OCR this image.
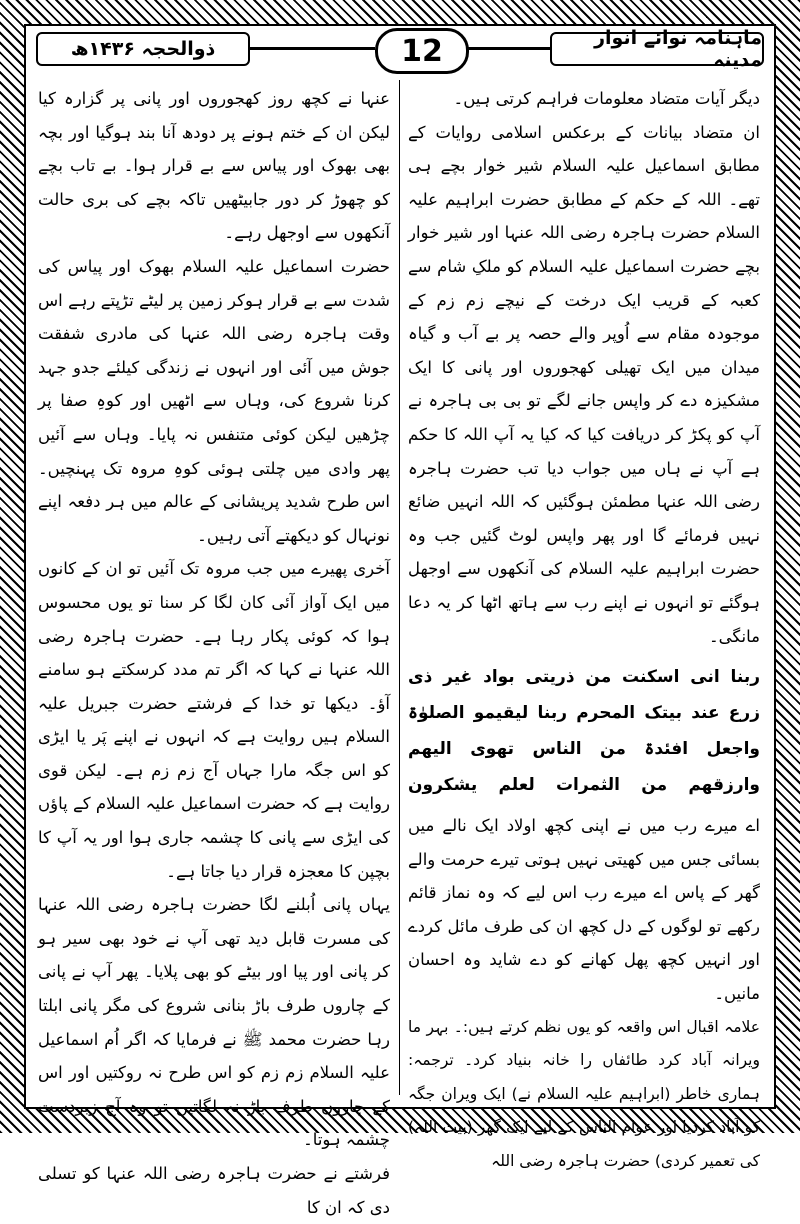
ماہنامہ نوائے انوار مدینہ
12
ذوالحجہ ۱۴۳۶ھ

دیگر آیات متضاد معلومات فراہم کرتی ہیں۔

ان متضاد بیانات کے برعکس اسلامی روایات کے مطابق اسماعیل علیہ السلام شیر خوار بچے ہی تھے۔ اللہ کے حکم کے مطابق حضرت ابراہیم علیہ السلام حضرت ہاجرہ رضی اللہ عنہا اور شیر خوار بچے حضرت اسماعیل علیہ السلام کو ملکِ شام سے کعبہ کے قریب ایک درخت کے نیچے زم زم کے موجودہ مقام سے اُوپر والے حصہ پر بے آب و گیاہ میدان میں ایک تھیلی کھجوروں اور پانی کا ایک مشکیزہ دے کر واپس جانے لگے تو بی بی ہاجرہ نے آپ کو پکڑ کر دریافت کیا کہ کیا یہ آپ اللہ کا حکم ہے آپ نے ہاں میں جواب دیا تب حضرت ہاجرہ رضی اللہ عنہا مطمئن ہوگئیں کہ اللہ انہیں ضائع نہیں فرمائے گا اور پھر واپس لوٹ گئیں جب وہ حضرت ابراہیم علیہ السلام کی آنکھوں سے اوجھل ہوگئے تو انہوں نے اپنے رب سے ہاتھ اٹھا کر یہ دعا مانگی۔

ربنا انی اسکنت من ذریتی بواد غیر ذی زرع عند بیتک المحرم ربنا لیقیمو الصلوٰۃ واجعل افئدۃ من الناس تھوی الیھم وارزقھم من الثمرات لعلم یشکرون

اے میرے رب میں نے اپنی کچھ اولاد ایک نالے میں بسائی جس میں کھیتی نہیں ہوتی تیرے حرمت والے گھر کے پاس اے میرے رب اس لیے کہ وہ نماز قائم رکھے تو لوگوں کے دل کچھ ان کی طرف مائل کردے اور انہیں کچھ پھل کھانے کو دے شاید وہ احسان مانیں۔

علامہ اقبال اس واقعہ کو یوں نظم کرتے ہیں:۔ بہر ما ویرانہ آباد کرد طائفاں را خانہ بنیاد کرد۔ ترجمہ: ہماری خاطر (ابراہیم علیہ السلام نے) ایک ویران جگہ کو آباد کردیا اور عوام الناس کے لیے ایک گھر (بیت اللہ) کی تعمیر کردی) حضرت ہاجرہ رضی اللہ

عنہا نے کچھ روز کھجوروں اور پانی پر گزارہ کیا لیکن ان کے ختم ہونے پر دودھ آنا بند ہوگیا اور بچہ بھی بھوک اور پیاس سے بے قرار ہوا۔ بے تاب بچے کو چھوڑ کر دور جابیٹھیں تاکہ بچے کی بری حالت آنکھوں سے اوجھل رہے۔

حضرت اسماعیل علیہ السلام بھوک اور پیاس کی شدت سے بے قرار ہوکر زمین پر لیٹے تڑپتے رہے اس وقت ہاجرہ رضی اللہ عنہا کی مادری شفقت جوش میں آئی اور انہوں نے زندگی کیلئے جدو جہد کرنا شروع کی، وہاں سے اٹھیں اور کوہِ صفا پر چڑھیں لیکن کوئی متنفس نہ پایا۔ وہاں سے آئیں پھر وادی میں چلتی ہوئی کوہِ مروہ تک پہنچیں۔ اس طرح شدید پریشانی کے عالم میں ہر دفعہ اپنے نونہال کو دیکھتے آتی رہیں۔

آخری پھیرے میں جب مروہ تک آئیں تو ان کے کانوں میں ایک آواز آئی کان لگا کر سنا تو یوں محسوس ہوا کہ کوئی پکار رہا ہے۔ حضرت ہاجرہ رضی اللہ عنہا نے کہا کہ اگر تم مدد کرسکتے ہو سامنے آؤ۔ دیکھا تو خدا کے فرشتے حضرت جبریل علیہ السلام ہیں روایت ہے کہ انہوں نے اپنے پَر یا ایڑی کو اس جگہ مارا جہاں آج زم زم ہے۔ لیکن قوی روایت ہے کہ حضرت اسماعیل علیہ السلام کے پاؤں کی ایڑی سے پانی کا چشمہ جاری ہوا اور یہ آپ کا بچپن کا معجزہ قرار دیا جاتا ہے۔

یہاں پانی اُبلنے لگا حضرت ہاجرہ رضی اللہ عنہا کی مسرت قابل دید تھی آپ نے خود بھی سیر ہو کر پانی اور پیا اور بیٹے کو بھی پلایا۔ پھر آپ نے پانی کے چاروں طرف باڑ بنانی شروع کی مگر پانی ابلتا رہا حضرت محمد ﷺ نے فرمایا کہ اگر اُم اسماعیل علیہ السلام زم زم کو اس طرح نہ روکتیں اور اس کے چاروں طرف باڑ نہ لگاتیں تو وہ آج زبردست چشمہ ہوتا۔

فرشتے نے حضرت ہاجرہ رضی اللہ عنہا کو تسلی دی کہ ان کا
